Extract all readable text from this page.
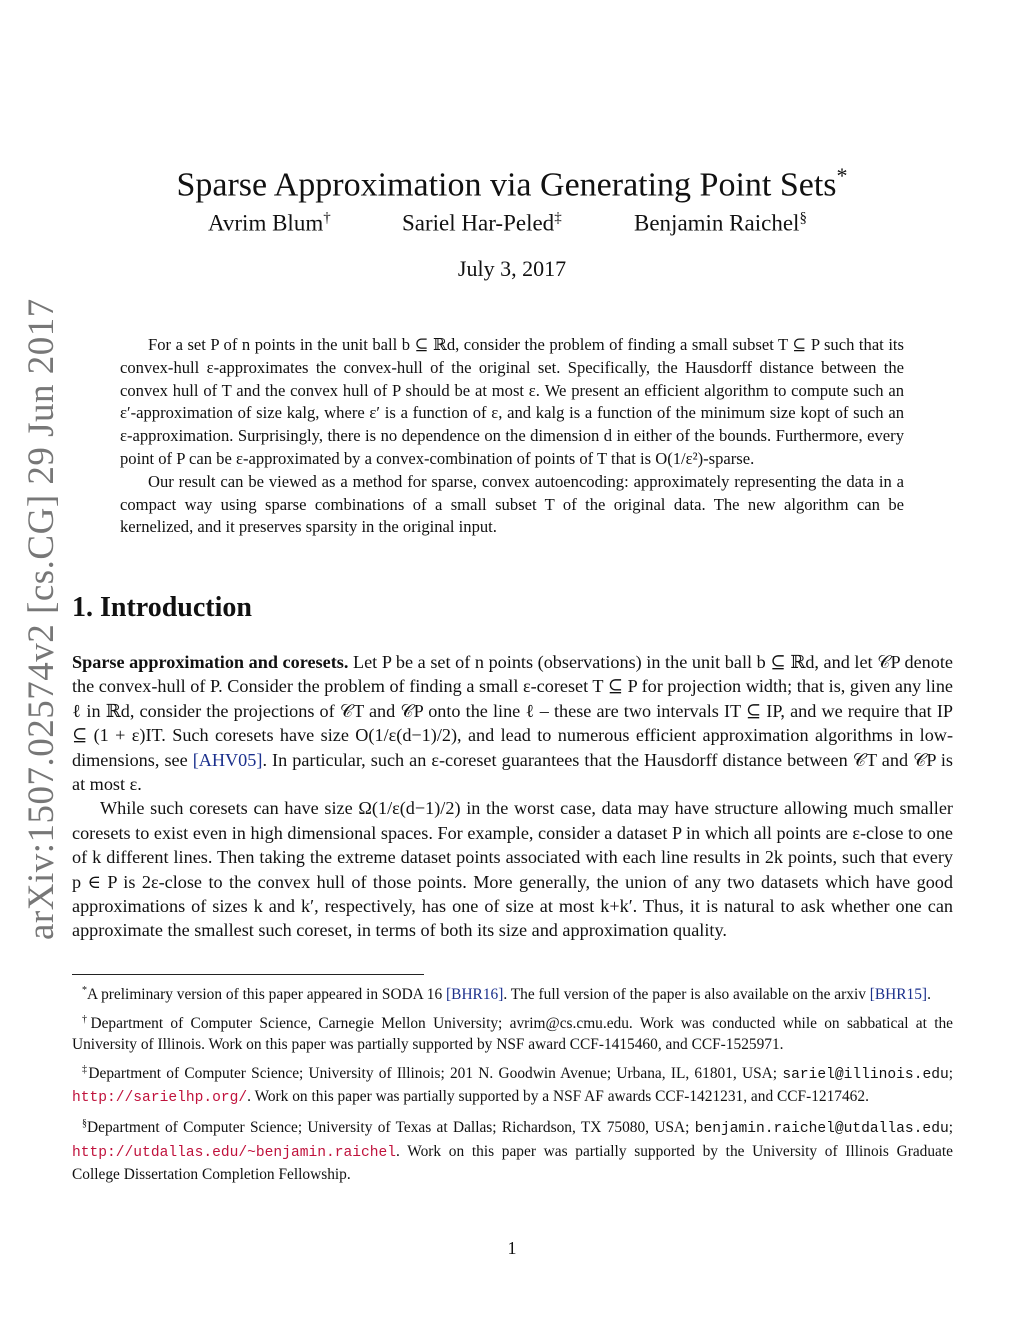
arXiv:1507.02574v2 [cs.CG] 29 Jun 2017
Sparse Approximation via Generating Point Sets*
Avrim Blum†	Sariel Har-Peled‡	Benjamin Raichel§
July 3, 2017

For a set P of n points in the unit ball b ⊆ ℝd, consider the problem of finding a small subset T ⊆ P such that its convex-hull ε-approximates the convex-hull of the original set. Specifically, the Hausdorff distance between the convex hull of T and the convex hull of P should be at most ε. We present an efficient algorithm to compute such an ε′-approximation of size kalg, where ε′ is a function of ε, and kalg is a function of the minimum size kopt of such an ε-approximation. Surprisingly, there is no dependence on the dimension d in either of the bounds. Furthermore, every point of P can be ε-approximated by a convex-combination of points of T that is O(1/ε²)-sparse.

Our result can be viewed as a method for sparse, convex autoencoding: approximately representing the data in a compact way using sparse combinations of a small subset T of the original data. The new algorithm can be kernelized, and it preserves sparsity in the original input.

1. Introduction

Sparse approximation and coresets. Let P be a set of n points (observations) in the unit ball b ⊆ ℝd, and let 𝒞P denote the convex-hull of P. Consider the problem of finding a small ε-coreset T ⊆ P for projection width; that is, given any line ℓ in ℝd, consider the projections of 𝒞T and 𝒞P onto the line ℓ – these are two intervals IT ⊆ IP, and we require that IP ⊆ (1 + ε)IT. Such coresets have size O(1/ε(d−1)/2), and lead to numerous efficient approximation algorithms in low-dimensions, see [AHV05]. In particular, such an ε-coreset guarantees that the Hausdorff distance between 𝒞T and 𝒞P is at most ε.

While such coresets can have size Ω(1/ε(d−1)/2) in the worst case, data may have structure allowing much smaller coresets to exist even in high dimensional spaces. For example, consider a dataset P in which all points are ε-close to one of k different lines. Then taking the extreme dataset points associated with each line results in 2k points, such that every p ∈ P is 2ε-close to the convex hull of those points. More generally, the union of any two datasets which have good approximations of sizes k and k′, respectively, has one of size at most k+k′. Thus, it is natural to ask whether one can approximate the smallest such coreset, in terms of both its size and approximation quality.

*A preliminary version of this paper appeared in SODA 16 [BHR16]. The full version of the paper is also available on the arxiv [BHR15].

†Department of Computer Science, Carnegie Mellon University; avrim@cs.cmu.edu. Work was conducted while on sabbatical at the University of Illinois. Work on this paper was partially supported by NSF award CCF-1415460, and CCF-1525971.

‡Department of Computer Science; University of Illinois; 201 N. Goodwin Avenue; Urbana, IL, 61801, USA; sariel@illinois.edu; http://sarielhp.org/. Work on this paper was partially supported by a NSF AF awards CCF-1421231, and CCF-1217462.

§Department of Computer Science; University of Texas at Dallas; Richardson, TX 75080, USA; benjamin.raichel@utdallas.edu; http://utdallas.edu/~benjamin.raichel. Work on this paper was partially supported by the University of Illinois Graduate College Dissertation Completion Fellowship.

1
